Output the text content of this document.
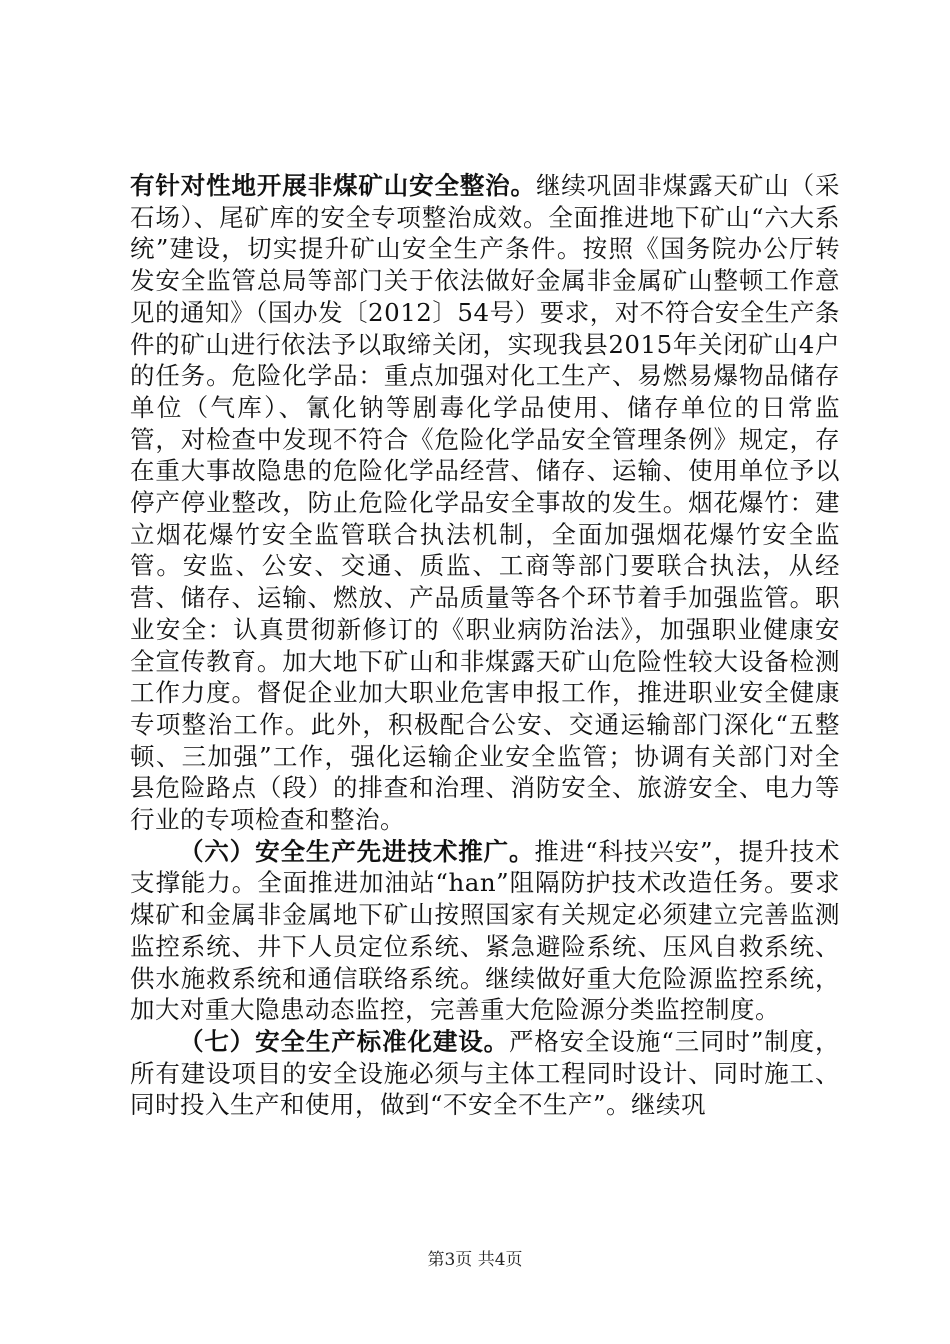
有针对性地开展非煤矿山安全整治。继续巩固非煤露天矿山（采石场）、尾矿库的安全专项整治成效。全面推进地下矿山“六大系统”建设，切实提升矿山安全生产条件。按照《国务院办公厅转发安全监管总局等部门关于依法做好金属非金属矿山整顿工作意见的通知》（国办发〔2012〕54号）要求，对不符合安全生产条件的矿山进行依法予以取缔关闭，实现我县2015年关闭矿山4户的任务。危险化学品：重点加强对化工生产、易燃易爆物品储存单位（气库）、氰化钠等剧毒化学品使用、储存单位的日常监管，对检查中发现不符合《危险化学品安全管理条例》规定，存在重大事故隐患的危险化学品经营、储存、运输、使用单位予以停产停业整改，防止危险化学品安全事故的发生。烟花爆竹：建立烟花爆竹安全监管联合执法机制，全面加强烟花爆竹安全监管。安监、公安、交通、质监、工商等部门要联合执法，从经营、储存、运输、燃放、产品质量等各个环节着手加强监管。职业安全：认真贯彻新修订的《职业病防治法》，加强职业健康安全宣传教育。加大地下矿山和非煤露天矿山危险性较大设备检测工作力度。督促企业加大职业危害申报工作，推进职业安全健康专项整治工作。此外，积极配合公安、交通运输部门深化“五整顿、三加强”工作，强化运输企业安全监管；协调有关部门对全县危险路点（段）的排查和治理、消防安全、旅游安全、电力等行业的专项检查和整治。

（六）安全生产先进技术推广。推进“科技兴安”，提升技术支撑能力。全面推进加油站“han”阻隔防护技术改造任务。要求煤矿和金属非金属地下矿山按照国家有关规定必须建立完善监测监控系统、井下人员定位系统、紧急避险系统、压风自救系统、供水施救系统和通信联络系统。继续做好重大危险源监控系统，加大对重大隐患动态监控，完善重大危险源分类监控制度。

（七）安全生产标准化建设。严格安全设施“三同时”制度，所有建设项目的安全设施必须与主体工程同时设计、同时施工、同时投入生产和使用，做到“不安全不生产”。继续巩

第3页 共4页
